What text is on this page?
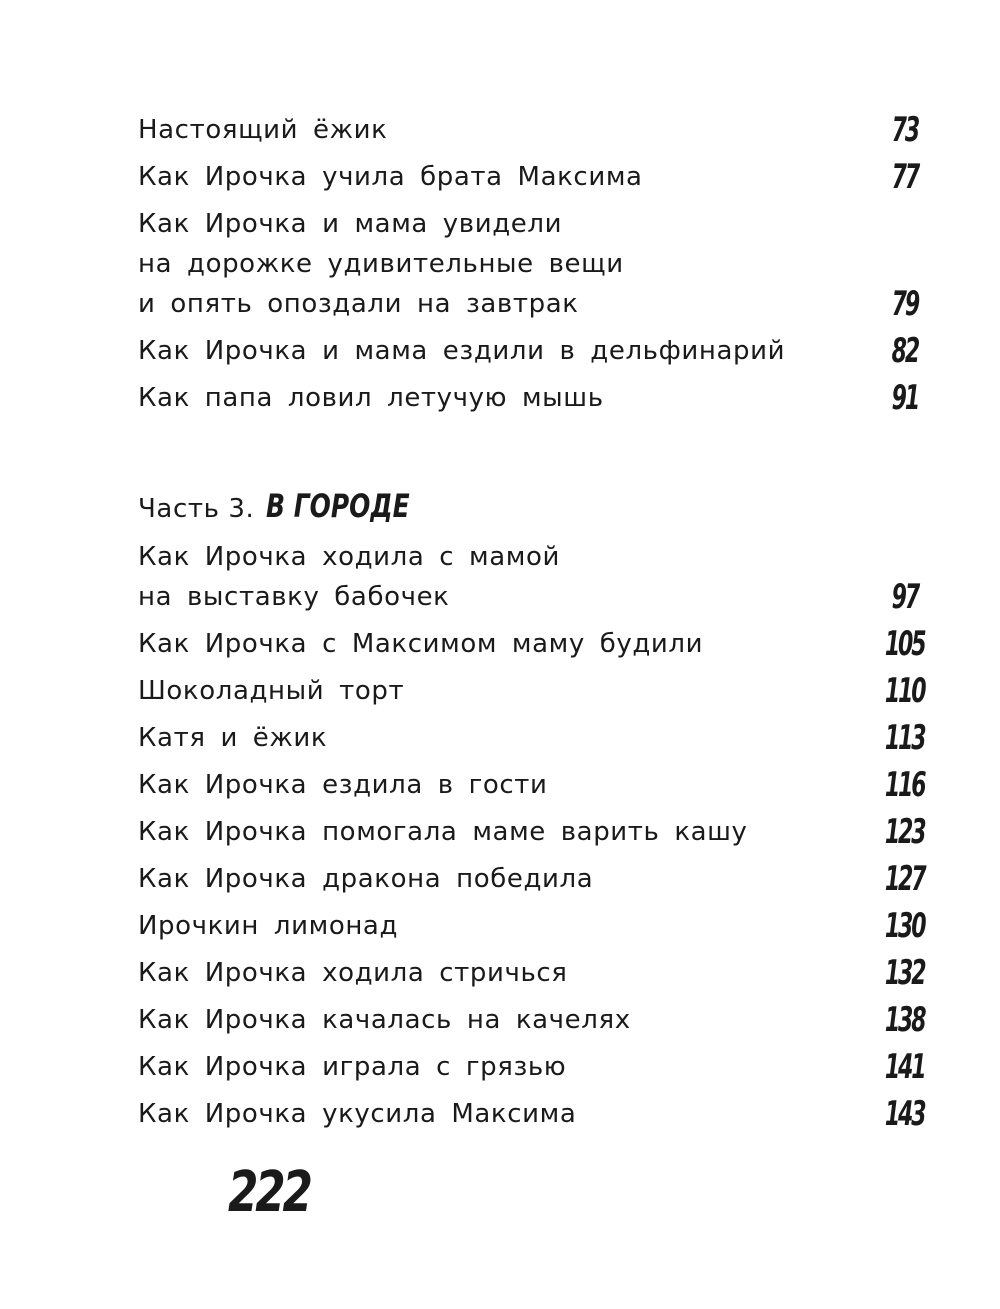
Настоящий ёжик	73
Как Ирочка учила брата Максима	77
Как Ирочка и мама увидели
на дорожке удивительные вещи
и опять опоздали на завтрак	79
Как Ирочка и мама ездили в дельфинарий	82
Как папа ловил летучую мышь	91
Часть 3. В ГОРОДЕ
Как Ирочка ходила с мамой
на выставку бабочек	97
Как Ирочка с Максимом маму будили	105
Шоколадный торт	110
Катя и ёжик	113
Как Ирочка ездила в гости	116
Как Ирочка помогала маме варить кашу	123
Как Ирочка дракона победила	127
Ирочкин лимонад	130
Как Ирочка ходила стричься	132
Как Ирочка качалась на качелях	138
Как Ирочка играла с грязью	141
Как Ирочка укусила Максима	143
222
